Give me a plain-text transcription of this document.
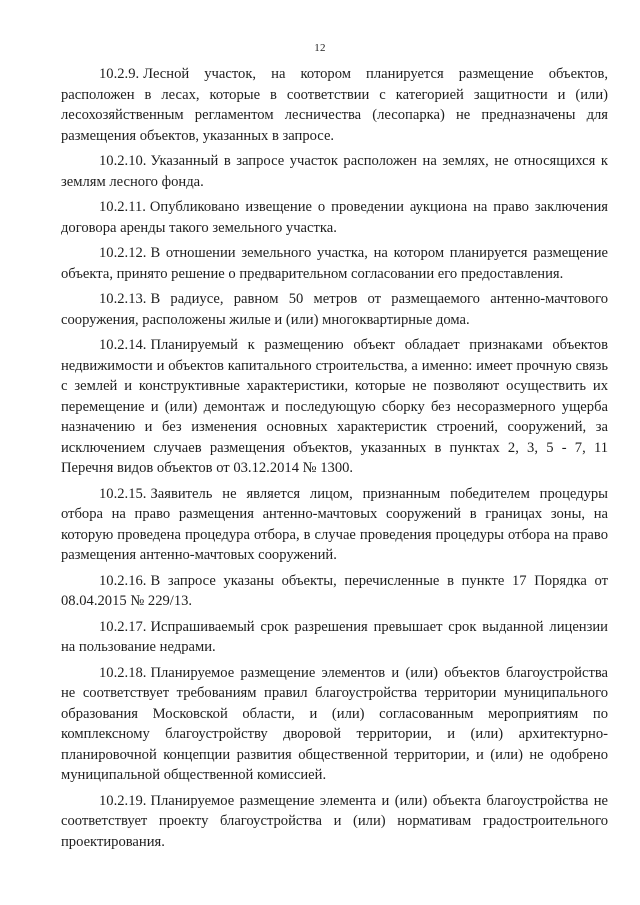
12

10.2.9. Лесной участок, на котором планируется размещение объектов, расположен в лесах, которые в соответствии с категорией защитности и (или) лесохозяйственным регламентом лесничества (лесопарка) не предназначены для размещения объектов, указанных в запросе.

10.2.10. Указанный в запросе участок расположен на землях, не относящихся к землям лесного фонда.

10.2.11. Опубликовано извещение о проведении аукциона на право заключения договора аренды такого земельного участка.

10.2.12. В отношении земельного участка, на котором планируется размещение объекта, принято решение о предварительном согласовании его предоставления.

10.2.13. В радиусе, равном 50 метров от размещаемого антенно-мачтового сооружения, расположены жилые и (или) многоквартирные дома.

10.2.14. Планируемый к размещению объект обладает признаками объектов недвижимости и объектов капитального строительства, а именно: имеет прочную связь с землей и конструктивные характеристики, которые не позволяют осуществить их перемещение и (или) демонтаж и последующую сборку без несоразмерного ущерба назначению и без изменения основных характеристик строений, сооружений, за исключением случаев размещения объектов, указанных в пунктах 2, 3, 5 - 7, 11 Перечня видов объектов от 03.12.2014 № 1300.

10.2.15. Заявитель не является лицом, признанным победителем процедуры отбора на право размещения антенно-мачтовых сооружений в границах зоны, на которую проведена процедура отбора, в случае проведения процедуры отбора на право размещения антенно-мачтовых сооружений.

10.2.16. В запросе указаны объекты, перечисленные в пункте 17 Порядка от 08.04.2015 № 229/13.

10.2.17. Испрашиваемый срок разрешения превышает срок выданной лицензии на пользование недрами.

10.2.18. Планируемое размещение элементов и (или) объектов благоустройства не соответствует требованиям правил благоустройства территории муниципального образования Московской области, и (или) согласованным мероприятиям по комплексному благоустройству дворовой территории, и (или) архитектурно-планировочной концепции развития общественной территории, и (или) не одобрено муниципальной общественной комиссией.

10.2.19. Планируемое размещение элемента и (или) объекта благоустройства не соответствует проекту благоустройства и (или) нормативам градостроительного проектирования.
